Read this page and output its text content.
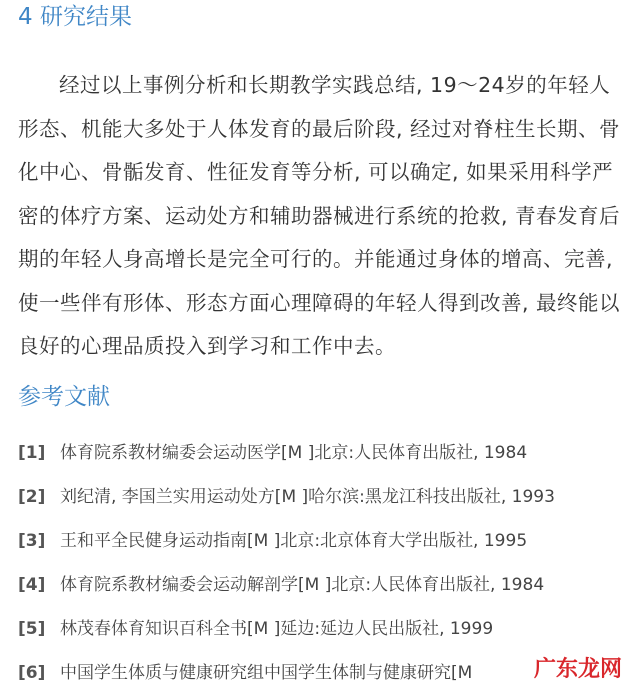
4 研究结果

经过以上事例分析和长期教学实践总结, 19～24岁的年轻人形态、机能大多处于人体发育的最后阶段, 经过对脊柱生长期、骨化中心、骨骺发育、性征发育等分析, 可以确定, 如果采用科学严密的体疗方案、运动处方和辅助器械进行系统的抢救, 青春发育后期的年轻人身高增长是完全可行的。并能通过身体的增高、完善, 使一些伴有形体、形态方面心理障碍的年轻人得到改善, 最终能以良好的心理品质投入到学习和工作中去。

参考文献
[1] 体育院系教材编委会运动医学[M ]北京:人民体育出版社, 1984
[2] 刘纪清, 李国兰实用运动处方[M ]哈尔滨:黑龙江科技出版社, 1993
[3] 王和平全民健身运动指南[M ]北京:北京体育大学出版社, 1995
[4] 体育院系教材编委会运动解剖学[M ]北京:人民体育出版社, 1984
[5] 林茂春体育知识百科全书[M ]延边:延边人民出版社, 1999
[6] 中国学生体质与健康研究组中国学生体制与健康研究[M	广东龙网
